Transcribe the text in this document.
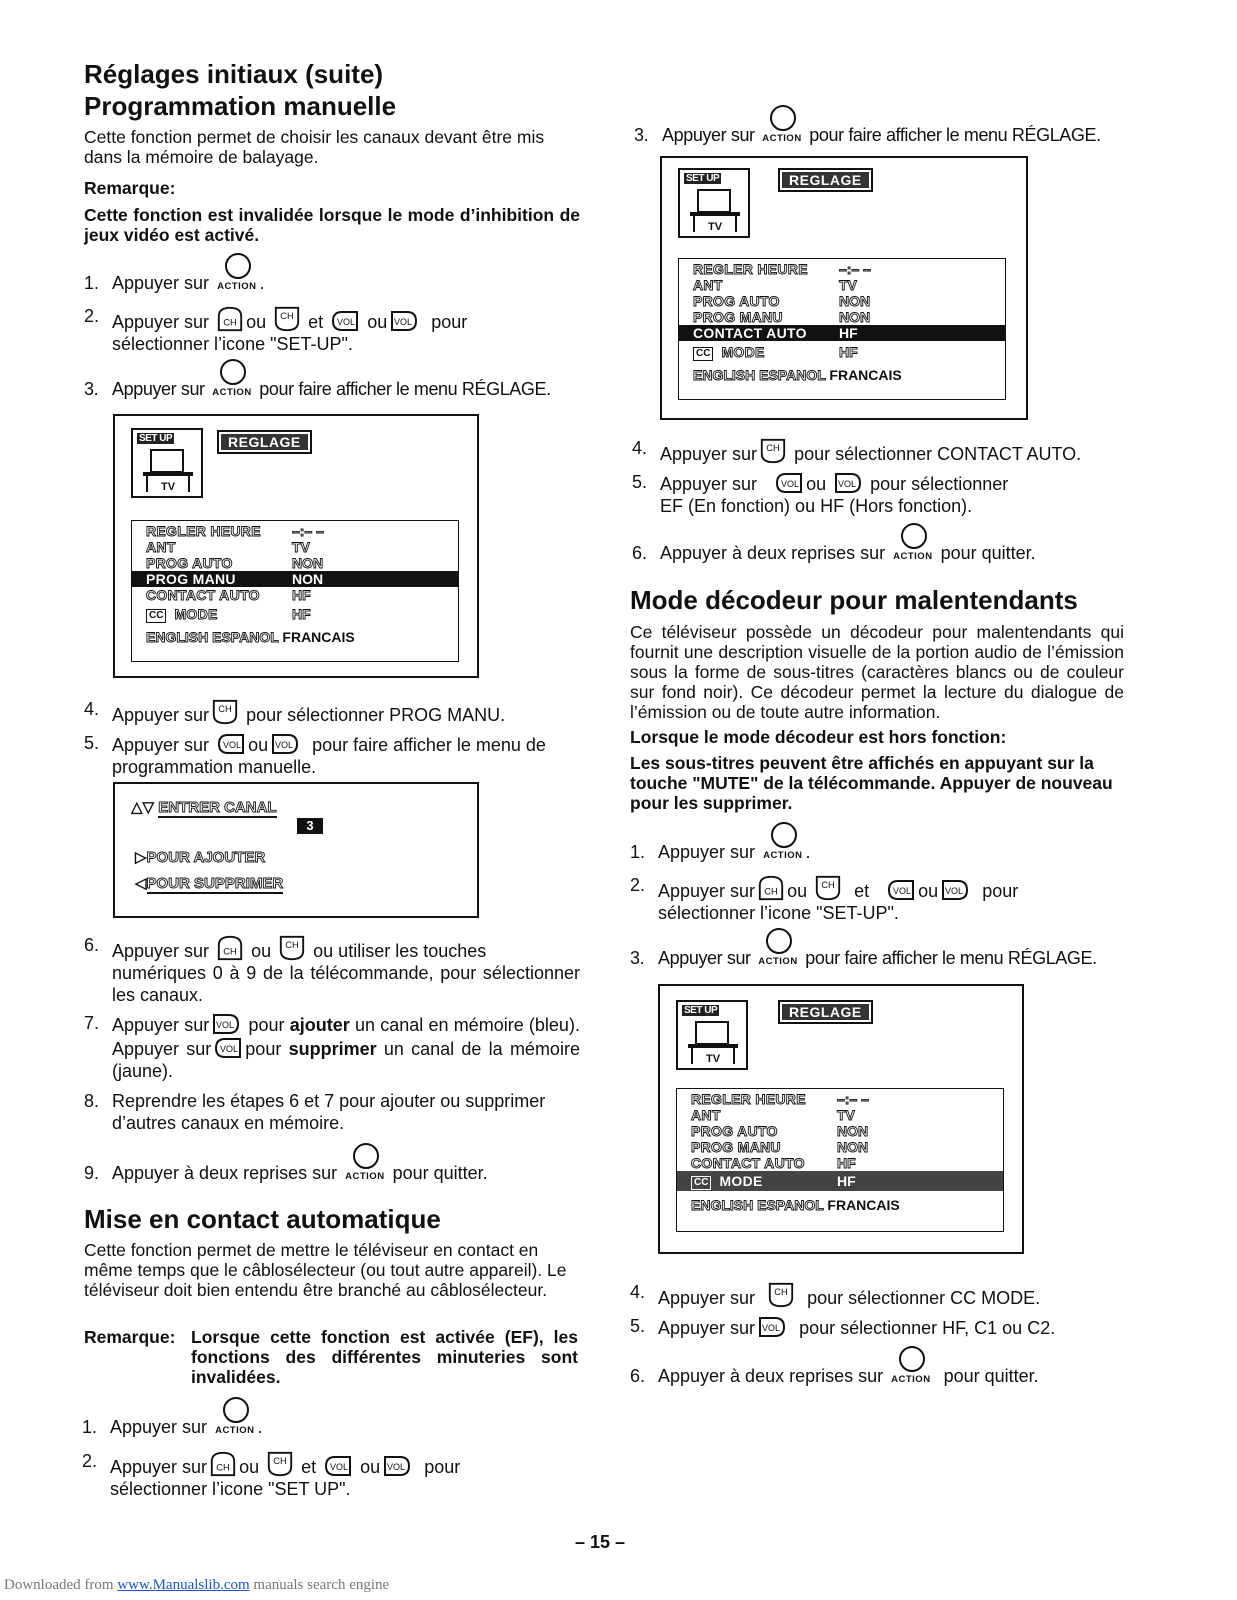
Réglages initiaux (suite)
Programmation manuelle

Cette fonction permet de choisir les canaux devant être mis dans la mémoire de balayage.

Remarque:

Cette fonction est invalidée lorsque le mode d’inhibition de jeux vidéo est activé.

1. Appuyer sur ACTION .
2. Appuyer sur ou et ou pour
sélectionner l’icone "SET-UP".
3. Appuyer sur ACTION pour faire afficher le menu RÉGLAGE.
SET UP
TV
REGLAGE
REGLER HEURE –:– –
ANT	TV
PROG AUTO	NON
PROG MANU	NON
CONTACT AUTO HF
CC MODE	HF
ENGLISH ESPANOL FRANCAIS
4. Appuyer sur pour sélectionner PROG MANU.
5. Appuyer sur ou pour faire afficher le menu de
programmation manuelle.
△▽ ENTRER CANAL
3
▷POUR AJOUTER
◁POUR SUPPRIMER
6. Appuyer sur ou ou utiliser les touches
numériques 0 à 9 de la télécommande, pour sélectionner les canaux.
7. Appuyer sur pour ajouter un canal en mémoire (bleu). Appuyer sur pour supprimer un canal de la mémoire (jaune).
8. Reprendre les étapes 6 et 7 pour ajouter ou supprimer d’autres canaux en mémoire.
9. Appuyer à deux reprises sur ACTION pour quitter.
Mise en contact automatique

Cette fonction permet de mettre le téléviseur en contact en même temps que le câblosélecteur (ou tout autre appareil). Le téléviseur doit bien entendu être branché au câblosélecteur.

Remarque: Lorsque cette fonction est activée (EF), les fonctions des différentes minuteries sont invalidées.
1. Appuyer sur ACTION .
2. Appuyer sur ou et ou pour
sélectionner l’icone "SET UP".
3. Appuyer sur ACTION pour faire afficher le menu RÉGLAGE.
SET UP
TV
REGLAGE
REGLER HEURE –:– –
ANT	TV
PROG AUTO	NON
PROG MANU	NON
CONTACT AUTO HF
CC MODE	HF
ENGLISH ESPANOL FRANCAIS
4. Appuyer sur pour sélectionner CONTACT AUTO.
5. Appuyer sur	ou pour sélectionner
EF (En fonction) ou HF (Hors fonction).
6. Appuyer à deux reprises sur ACTION pour quitter.
Mode décodeur pour malentendants

Ce téléviseur possède un décodeur pour malentendants qui fournit une description visuelle de la portion audio de l’émission sous la forme de sous-titres (caractères blancs ou de couleur sur fond noir). Ce décodeur permet la lecture du dialogue de l’émission ou de toute autre information.

Lorsque le mode décodeur est hors fonction:

Les sous-titres peuvent être affichés en appuyant sur la touche "MUTE" de la télécommande. Appuyer de nouveau pour les supprimer.

1. Appuyer sur ACTION .
2. Appuyer sur ou	et	ou pour
sélectionner l’icone "SET-UP".
3. Appuyer sur ACTION pour faire afficher le menu RÉGLAGE.
SET UP
TV
REGLAGE
REGLER HEURE –:– –
ANT	TV
PROG AUTO	NON
PROG MANU	NON
CONTACT AUTO HF
CC MODE	HF
ENGLISH ESPANOL FRANCAIS
4. Appuyer sur	pour sélectionner CC MODE.
5. Appuyer sur pour sélectionner HF, C1 ou C2.
6. Appuyer à deux reprises sur ACTION pour quitter.
– 15 –
Downloaded from www.Manualslib.com manuals search engine
